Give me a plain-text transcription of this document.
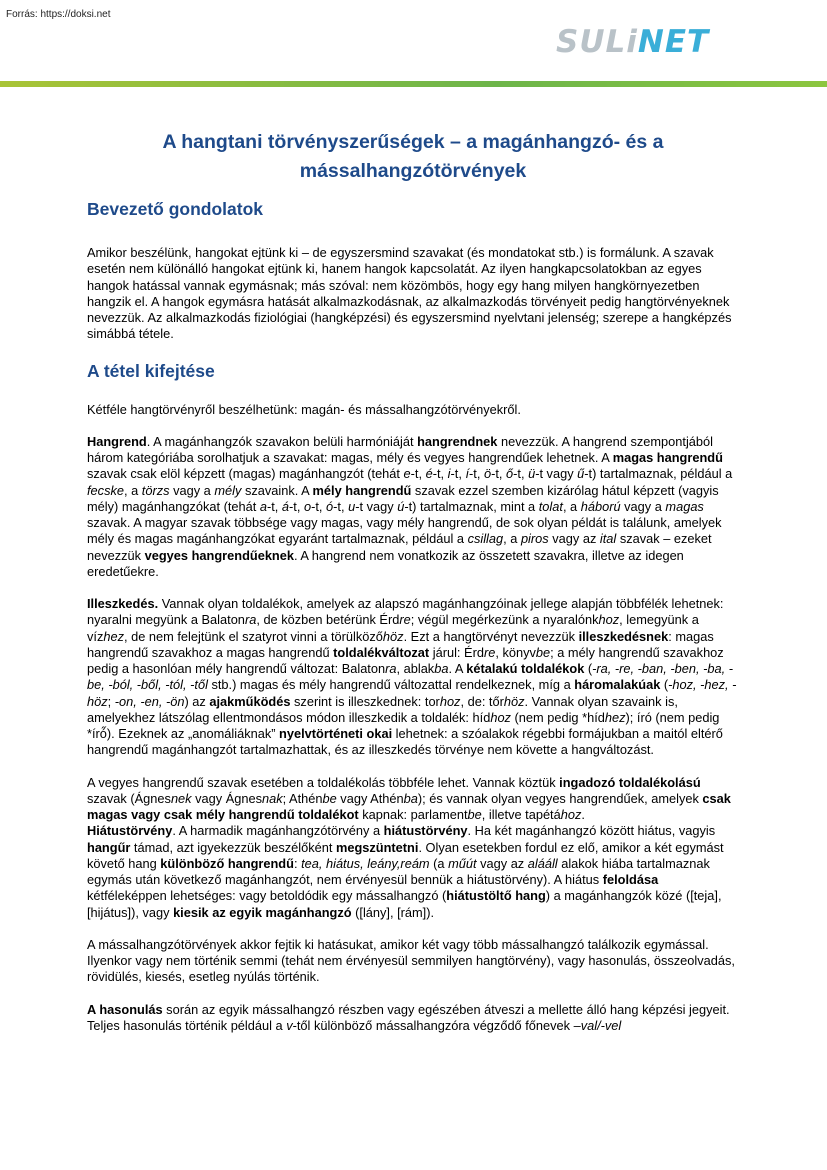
Forrás: https://doksi.net
SULiNET
A hangtani törvényszerűségek – a magánhangzó- és a mássalhangzótörvények
Bevezető gondolatok

Amikor beszélünk, hangokat ejtünk ki – de egyszersmind szavakat (és mondatokat stb.) is formálunk. A szavak esetén nem különálló hangokat ejtünk ki, hanem hangok kapcsolatát. Az ilyen hangkapcsolatokban az egyes hangok hatással vannak egymásnak; más szóval: nem közömbös, hogy egy hang milyen hangkörnyezetben hangzik el. A hangok egymásra hatását alkalmazkodásnak, az alkalmazkodás törvényeit pedig hangtörvényeknek nevezzük. Az alkalmazkodás fiziológiai (hangképzési) és egyszersmind nyelvtani jelenség; szerepe a hangképzés simábbá tétele.

A tétel kifejtése

Kétféle hangtörvényről beszélhetünk: magán- és mássalhangzótörvényekről.

Hangrend. A magánhangzók szavakon belüli harmóniáját hangrendnek nevezzük. A hangrend szempontjából három kategóriába sorolhatjuk a szavakat: magas, mély és vegyes hangrendűek lehetnek. A magas hangrendű szavak csak elöl képzett (magas) magánhangzót (tehát e-t, é-t, i-t, í-t, ö-t, ő-t, ü-t vagy ű-t) tartalmaznak, például a fecske, a törzs vagy a mély szavaink. A mély hangrendű szavak ezzel szemben kizárólag hátul képzett (vagyis mély) magánhangzókat (tehát a-t, á-t, o-t, ó-t, u-t vagy ú-t) tartalmaznak, mint a tolat, a háború vagy a magas szavak. A magyar szavak többsége vagy magas, vagy mély hangrendű, de sok olyan példát is találunk, amelyek mély és magas magánhangzókat egyaránt tartalmaznak, például a csillag, a piros vagy az ital szavak – ezeket nevezzük vegyes hangrendűeknek. A hangrend nem vonatkozik az összetett szavakra, illetve az idegen eredetűekre.

Illeszkedés. Vannak olyan toldalékok, amelyek az alapszó magánhangzóinak jellege alapján többfélék lehetnek: nyaralni megyünk a Balatonra, de közben betérünk Érdre; végül megérkezünk a nyaralónkhoz, lemegyünk a vízhez, de nem felejtünk el szatyrot vinni a törülközőhöz. Ezt a hangtörvényt nevezzük illeszkedésnek: magas hangrendű szavakhoz a magas hangrendű toldalékváltozat járul: Érdre, könyvbe; a mély hangrendű szavakhoz pedig a hasonlóan mély hangrendű változat: Balatonra, ablakba. A kétalakú toldalékok (-ra, -re, -ban, -ben, -ba, -be, -ból, -ből, -tól, -től stb.) magas és mély hangrendű változattal rendelkeznek, míg a háromalakúak (-hoz, -hez, -höz; -on, -en, -ön) az ajakműködés szerint is illeszkednek: torhoz, de: tőrhöz. Vannak olyan szavaink is, amelyekhez látszólag ellentmondásos módon illeszkedik a toldalék: hídhoz (nem pedig *hídhez); író (nem pedig *író). Ezeknek az „anomáliáknak” nyelvtörténeti okai lehetnek: a szóalakok régebbi formájukban a maitól eltérő hangrendű magánhangzót tartalmazhattak, és az illeszkedés törvénye nem követte a hangváltozást.

A vegyes hangrendű szavak esetében a toldalékolás többféle lehet. Vannak köztük ingadozó toldalékolású szavak (Ágnesnek vagy Ágnesnak; Athénbe vagy Athénba); és vannak olyan vegyes hangrendűek, amelyek csak magas vagy csak mély hangrendű toldalékot kapnak: parlamentbe, illetve tapétához.

Hiátustörvény. A harmadik magánhangzótörvény a hiátustörvény. Ha két magánhangzó között hiátus, vagyis hangűr támad, azt igyekezzük beszélőként megszüntetni. Olyan esetekben fordul ez elő, amikor a két egymást követő hang különböző hangrendű: tea, hiátus, leány,reám (a műút vagy az alááll alakok hiába tartalmaznak egymás után következő magánhangzót, nem érvényesül bennük a hiátustörvény). A hiátus feloldása kétféleképpen lehetséges: vagy betoldódik egy mássalhangzó (hiátustöltő hang) a magánhangzók közé ([teja], [hijátus]), vagy kiesik az egyik magánhangzó ([lány], [rám]).

A mássalhangzótörvények akkor fejtik ki hatásukat, amikor két vagy több mássalhangzó találkozik egymással. Ilyenkor vagy nem történik semmi (tehát nem érvényesül semmilyen hangtörvény), vagy hasonulás, összeolvadás, rövidülés, kiesés, esetleg nyúlás történik.

A hasonulás során az egyik mássalhangzó részben vagy egészében átveszi a mellette álló hang képzési jegyeit. Teljes hasonulás történik például a v-től különböző mássalhangzóra végződő főnevek –val/-vel
